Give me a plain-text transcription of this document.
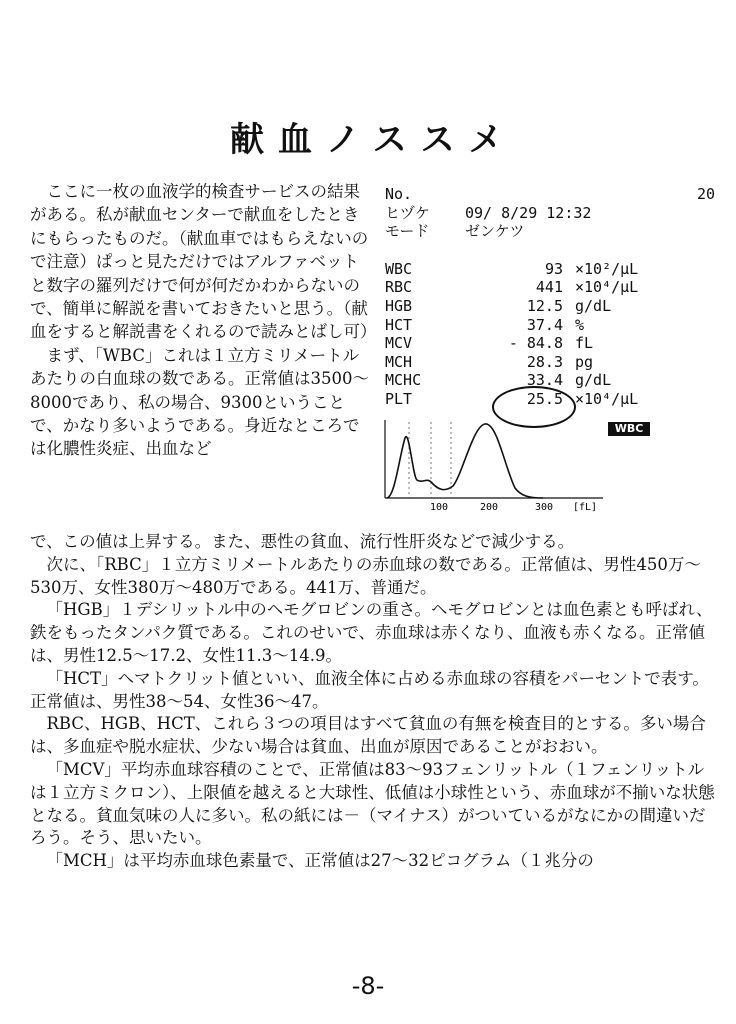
献血ノススメ

ここに一枚の血液学的検査サービスの結果がある。私が献血センターで献血をしたときにもらったものだ。（献血車ではもらえないので注意）ぱっと見ただけではアルファベットと数字の羅列だけで何が何だかわからないので、簡単に解説を書いておきたいと思う。（献血をすると解説書をくれるので読みとばし可）

まず、「WBC」これは１立方ミリメートルあたりの白血球の数である。正常値は3500～8000であり、私の場合、9300ということで、かなり多いようである。身近なところでは化膿性炎症、出血など

No.	20
ヒヅケ	09/ 8/29 12:32
モード	ゼンケツ
WBC	93 ×10²/μL
RBC	441 ×10⁴/μL
HGB	12.5 g/dL
HCT	37.4 %
MCV	- 84.8 fL
MCH	28.3 pg
MCHC	33.4 g/dL
PLT	25.5 ×10⁴/μL
100	200	300 [fL]
WBC

で、この値は上昇する。また、悪性の貧血、流行性肝炎などで減少する。

次に、「RBC」１立方ミリメートルあたりの赤血球の数である。正常値は、男性450万～530万、女性380万～480万である。441万、普通だ。

「HGB」１デシリットル中のヘモグロビンの重さ。ヘモグロビンとは血色素とも呼ばれ、鉄をもったタンパク質である。これのせいで、赤血球は赤くなり、血液も赤くなる。正常値は、男性12.5～17.2、女性11.3～14.9。

「HCT」ヘマトクリット値といい、血液全体に占める赤血球の容積をパーセントで表す。正常値は、男性38～54、女性36～47。

RBC、HGB、HCT、これら３つの項目はすべて貧血の有無を検査目的とする。多い場合は、多血症や脱水症状、少ない場合は貧血、出血が原因であることがおおい。

「MCV」平均赤血球容積のことで、正常値は83～93フェンリットル（１フェンリットルは１立方ミクロン）、上限値を越えると大球性、低値は小球性という、赤血球が不揃いな状態となる。貧血気味の人に多い。私の紙には－（マイナス）がついているがなにかの間違いだろう。そう、思いたい。

「MCH」は平均赤血球色素量で、正常値は27～32ピコグラム（１兆分の

-8-
